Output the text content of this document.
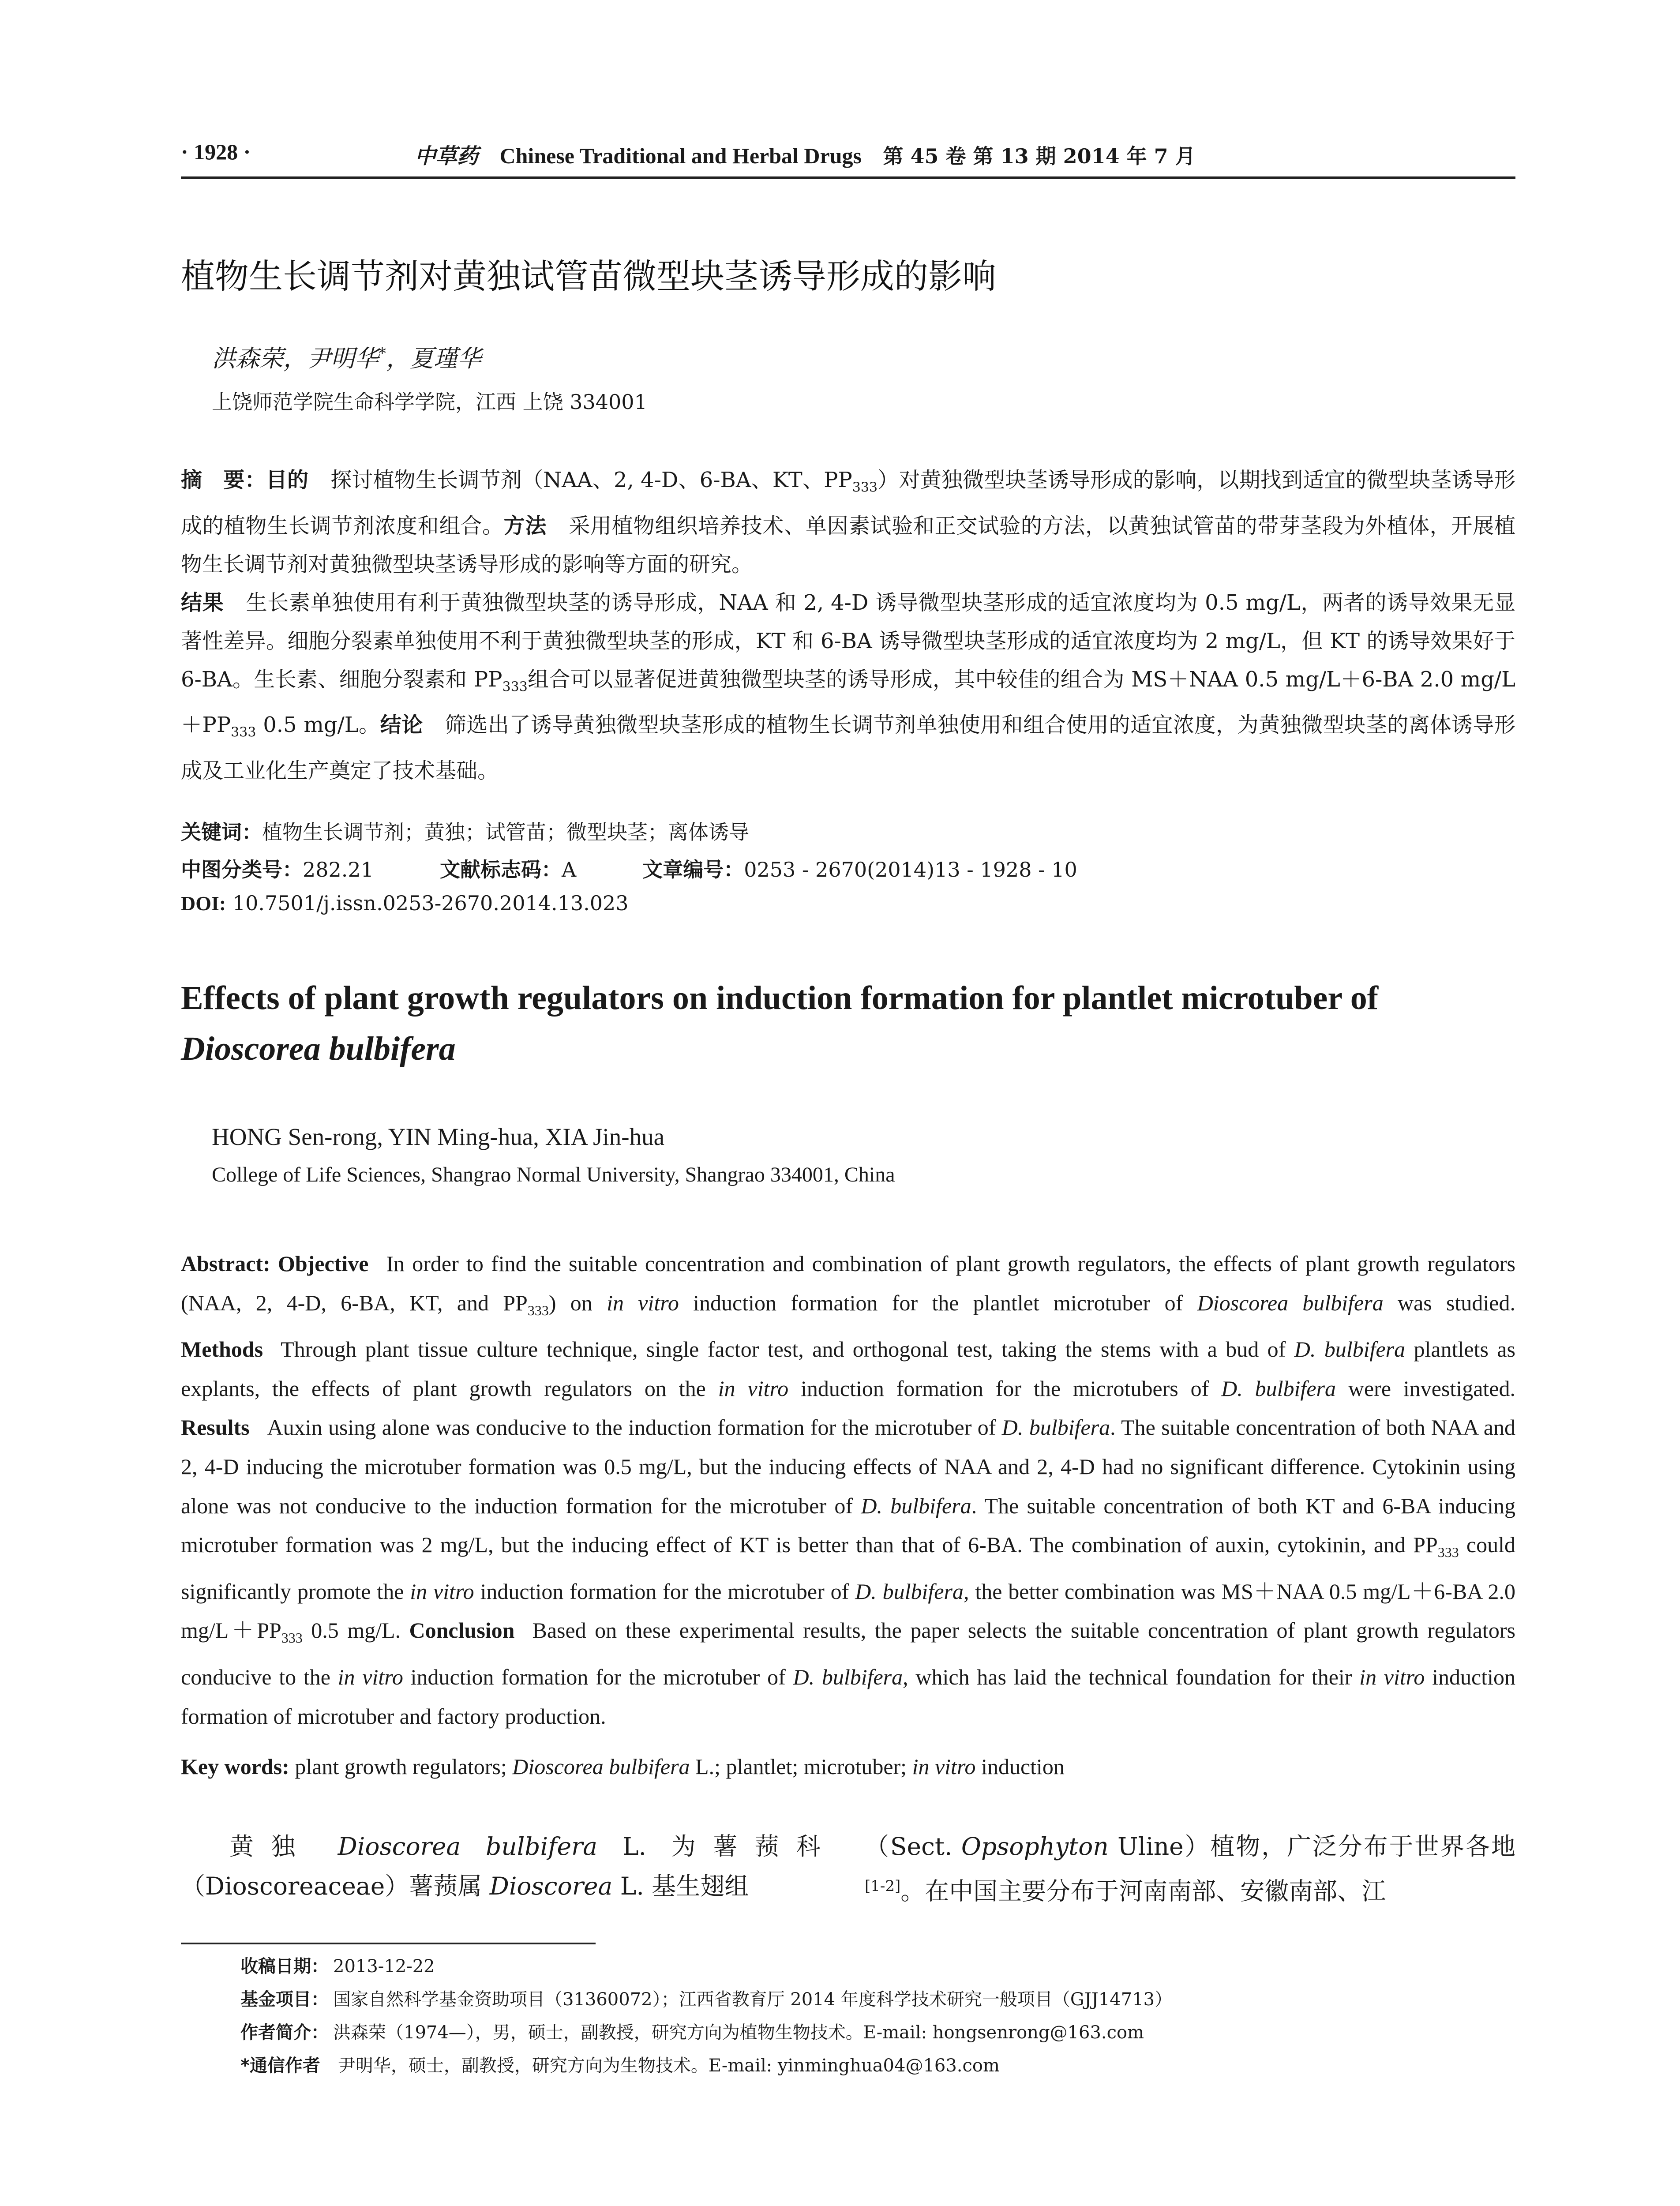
· 1928 ·	中草药 Chinese Traditional and Herbal Drugs 第 45 卷 第 13 期 2014 年 7 月
植物生长调节剂对黄独试管苗微型块茎诱导形成的影响
洪森荣，尹明华*，夏瑾华
上饶师范学院生命科学学院，江西 上饶 334001
摘　要：目的 探讨植物生长调节剂（NAA、2, 4-D、6-BA、KT、$PP_{333}$）对黄独微型块茎诱导形成的影响，以期找到适宜的微型块茎诱导形成的植物生长调节剂浓度和组合。方法 采用植物组织培养技术、单因素试验和正交试验的方法，以黄独试管苗的带芽茎段为外植体，开展植物生长调节剂对黄独微型块茎诱导形成的影响等方面的研究。
结果 生长素单独使用有利于黄独微型块茎的诱导形成，NAA 和 2, 4-D 诱导微型块茎形成的适宜浓度均为 0.5 mg/L，两者的诱导效果无显著性差异。细胞分裂素单独使用不利于黄独微型块茎的形成，KT 和 6-BA 诱导微型块茎形成的适宜浓度均为 2 mg/L，但 KT 的诱导效果好于 6-BA。生长素、细胞分裂素和 $PP_{333}$组合可以显著促进黄独微型块茎的诱导形成，其中较佳的组合为 MS＋NAA 0.5 mg/L＋6-BA 2.0 $mg/L+PP_{333}$ 0.5 mg/L。结论 筛选出了诱导黄独微型块茎形成的植物生长调节剂单独使用和组合使用的适宜浓度，为黄独微型块茎的离体诱导形成及工业化生产奠定了技术基础。
关键词：植物生长调节剂；黄独；试管苗；微型块茎；离体诱导
中图分类号：282.21	文献标志码：A	文章编号：0253 - 2670(2014)13 - 1928 - 10
DOI: 10.7501/j.issn.0253-2670.2014.13.023
Effects of plant growth regulators on induction formation for plantlet microtuber of Dioscorea bulbifera
HONG Sen-rong, YIN Ming-hua, XIA Jin-hua
College of Life Sciences, Shangrao Normal University, Shangrao 334001, China
Abstract: Objective In order to find the suitable concentration and combination of plant growth regulators, the effects of plant growth regulators (NAA, 2, 4-D, 6-BA, KT, and $PP_{333}$) on in vitro induction formation for the plantlet microtuber of Dioscorea bulbifera was studied. Methods Through plant tissue culture technique, single factor test, and orthogonal test, taking the stems with a bud of D. bulbifera plantlets as explants, the effects of plant growth regulators on the in vitro induction formation for the microtubers of D. bulbifera were investigated. Results Auxin using alone was conducive to the induction formation for the microtuber of D. bulbifera. The suitable concentration of both NAA and 2, 4-D inducing the microtuber formation was 0.5 mg/L, but the inducing effects of NAA and 2, 4-D had no significant difference. Cytokinin using alone was not conducive to the induction formation for the microtuber of D. bulbifera. The suitable concentration of both KT and 6-BA inducing microtuber formation was 2 mg/L, but the inducing effect of KT is better than that of 6-BA. The combination of auxin, cytokinin, and $PP_{333}$ could significantly promote the in vitro induction formation for the microtuber of D. bulbifera, the better combination was MS＋NAA 0.5 mg/L＋6-BA 2.0 $mg/L+PP_{333}$ 0.5 mg/L. Conclusion Based on these experimental results, the paper selects the suitable concentration of plant growth regulators conducive to the in vitro induction formation for the microtuber of D. bulbifera, which has laid the technical foundation for their in vitro induction formation of microtuber and factory production.
Key words: plant growth regulators; Dioscorea bulbifera L.; plantlet; microtuber; in vitro induction
黄独 Dioscorea bulbifera L. 为薯蓣科（Dioscoreaceae）薯蓣属 Dioscorea L. 基生翅组
（Sect. Opsophyton Uline）植物，广泛分布于世界各地[1-2]。在中国主要分布于河南南部、安徽南部、江
收稿日期： 2013-12-22
基金项目： 国家自然科学基金资助项目（31360072）；江西省教育厅 2014 年度科学技术研究一般项目（GJJ14713）
作者简介： 洪森荣（1974—），男，硕士，副教授，研究方向为植物生物技术。E-mail: hongsenrong@163.com
*通信作者 尹明华，硕士，副教授，研究方向为生物技术。E-mail: yinminghua04@163.com
